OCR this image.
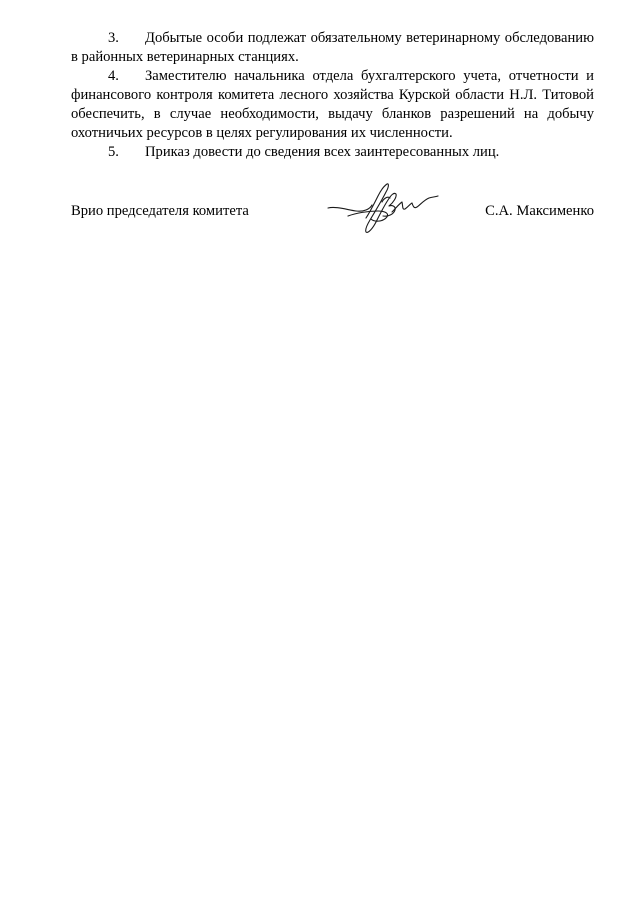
3. Добытые особи подлежат обязательному ветеринарному обследованию в районных ветеринарных станциях.

4. Заместителю начальника отдела бухгалтерского учета, отчетности и финансового контроля комитета лесного хозяйства Курской области Н.Л. Титовой обеспечить, в случае необходимости, выдачу бланков разрешений на добычу охотничьих ресурсов в целях регулирования их численности.

5. Приказ довести до сведения всех заинтересованных лиц.

Врио председателя комитета	С.А. Максименко
